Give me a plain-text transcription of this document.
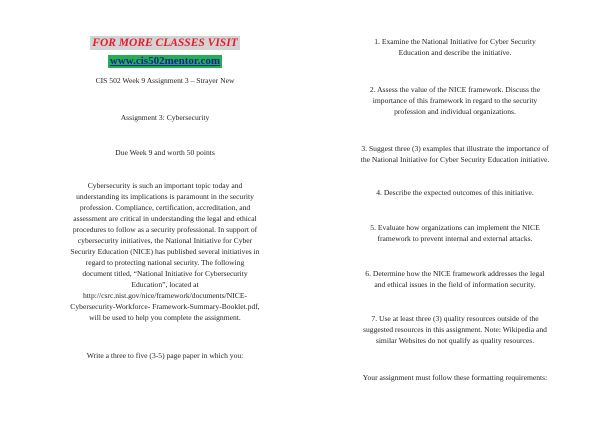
FOR MORE CLASSES VISIT
www.cis502mentor.com

CIS 502 Week 9 Assignment 3 – Strayer New

Assignment 3: Cybersecurity

Due Week 9 and worth 50 points

Cybersecurity is such an important topic today and
understanding its implications is paramount in the security
profession. Compliance, certification, accreditation, and
assessment are critical in understanding the legal and ethical
procedures to follow as a security professional. In support of
cybersecurity initiatives, the National Initiative for Cyber
Security Education (NICE) has published several initiatives in
regard to protecting national security. The following
document titled, “National Initiative for Cybersecurity
Education”, located at
http://csrc.nist.gov/nice/framework/documents/NICE-
Cybersecurity-Workforce- Framework-Summary-Booklet.pdf,
will be used to help you complete the assignment.

Write a three to five (3-5) page paper in which you:

1. Examine the National Initiative for Cyber Security
Education and describe the initiative.
2. Assess the value of the NICE framework. Discuss the
importance of this framework in regard to the security
profession and individual organizations.
3. Suggest three (3) examples that illustrate the importance of
the National Initiative for Cyber Security Education initiative.
4. Describe the expected outcomes of this initiative.
5. Evaluate how organizations can implement the NICE
framework to prevent internal and external attacks.
6. Determine how the NICE framework addresses the legal
and ethical issues in the field of information security.
7. Use at least three (3) quality resources outside of the
suggested resources in this assignment. Note: Wikipedia and
similar Websites do not qualify as quality resources.

Your assignment must follow these formatting requirements:
